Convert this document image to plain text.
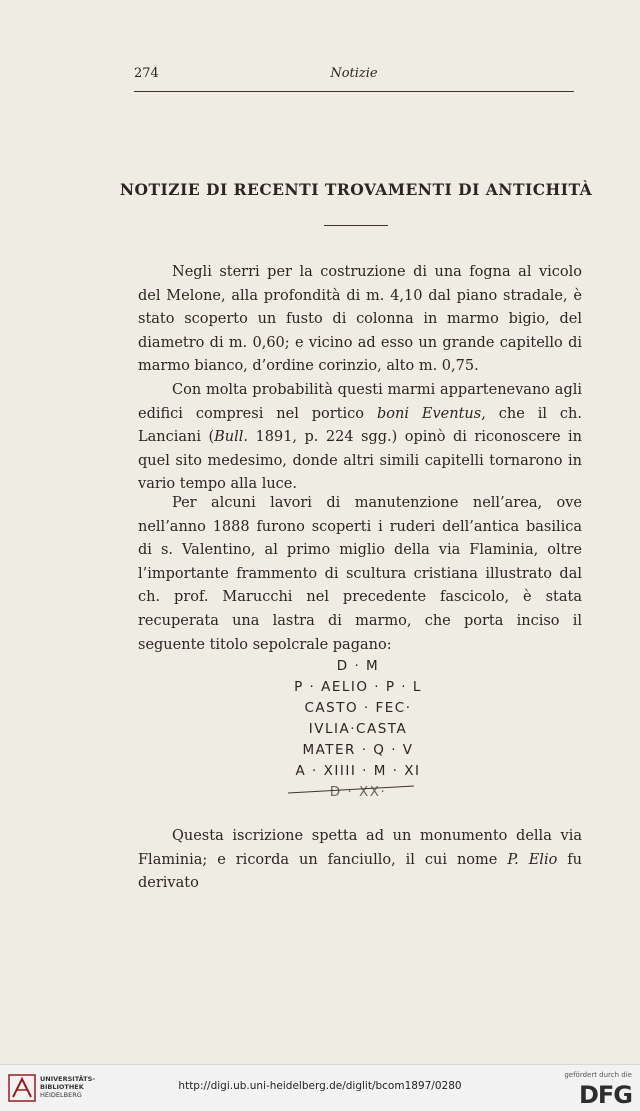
274	Notizie
NOTIZIE DI RECENTI TROVAMENTI DI ANTICHITÀ

Negli sterri per la costruzione di una fogna al vicolo del Melone, alla profondità di m. 4,10 dal piano stradale, è stato scoperto un fusto di colonna in marmo bigio, del diametro di m. 0,60; e vicino ad esso un grande capitello di marmo bianco, d’ordine corinzio, alto m. 0,75.

Con molta probabilità questi marmi appartenevano agli edifici compresi nel portico boni Eventus, che il ch. Lanciani (Bull. 1891, p. 224 sgg.) opinò di riconoscere in quel sito medesimo, donde altri simili capitelli tornarono in vario tempo alla luce.

Per alcuni lavori di manutenzione nell’area, ove nell’anno 1888 furono scoperti i ruderi dell’antica basilica di s. Valentino, al primo miglio della via Flaminia, oltre l’importante frammento di scultura cristiana illustrato dal ch. prof. Marucchi nel precedente fascicolo, è stata recuperata una lastra di marmo, che porta inciso il seguente titolo sepolcrale pagano:

D · M
P · AELIO · P · L
CASTO · FEC·
IVLIA·CASTA
MATER · Q · V
A · XIIII · M · XI
D · XX·

Questa iscrizione spetta ad un monumento della via Flaminia; e ricorda un fanciullo, il cui nome P. Elio fu derivato

UNIVERSITÄTS-
BIBLIOTHEK
HEIDELBERG
http://digi.ub.uni-heidelberg.de/diglit/bcom1897/0280
gefördert durch die
DFG
